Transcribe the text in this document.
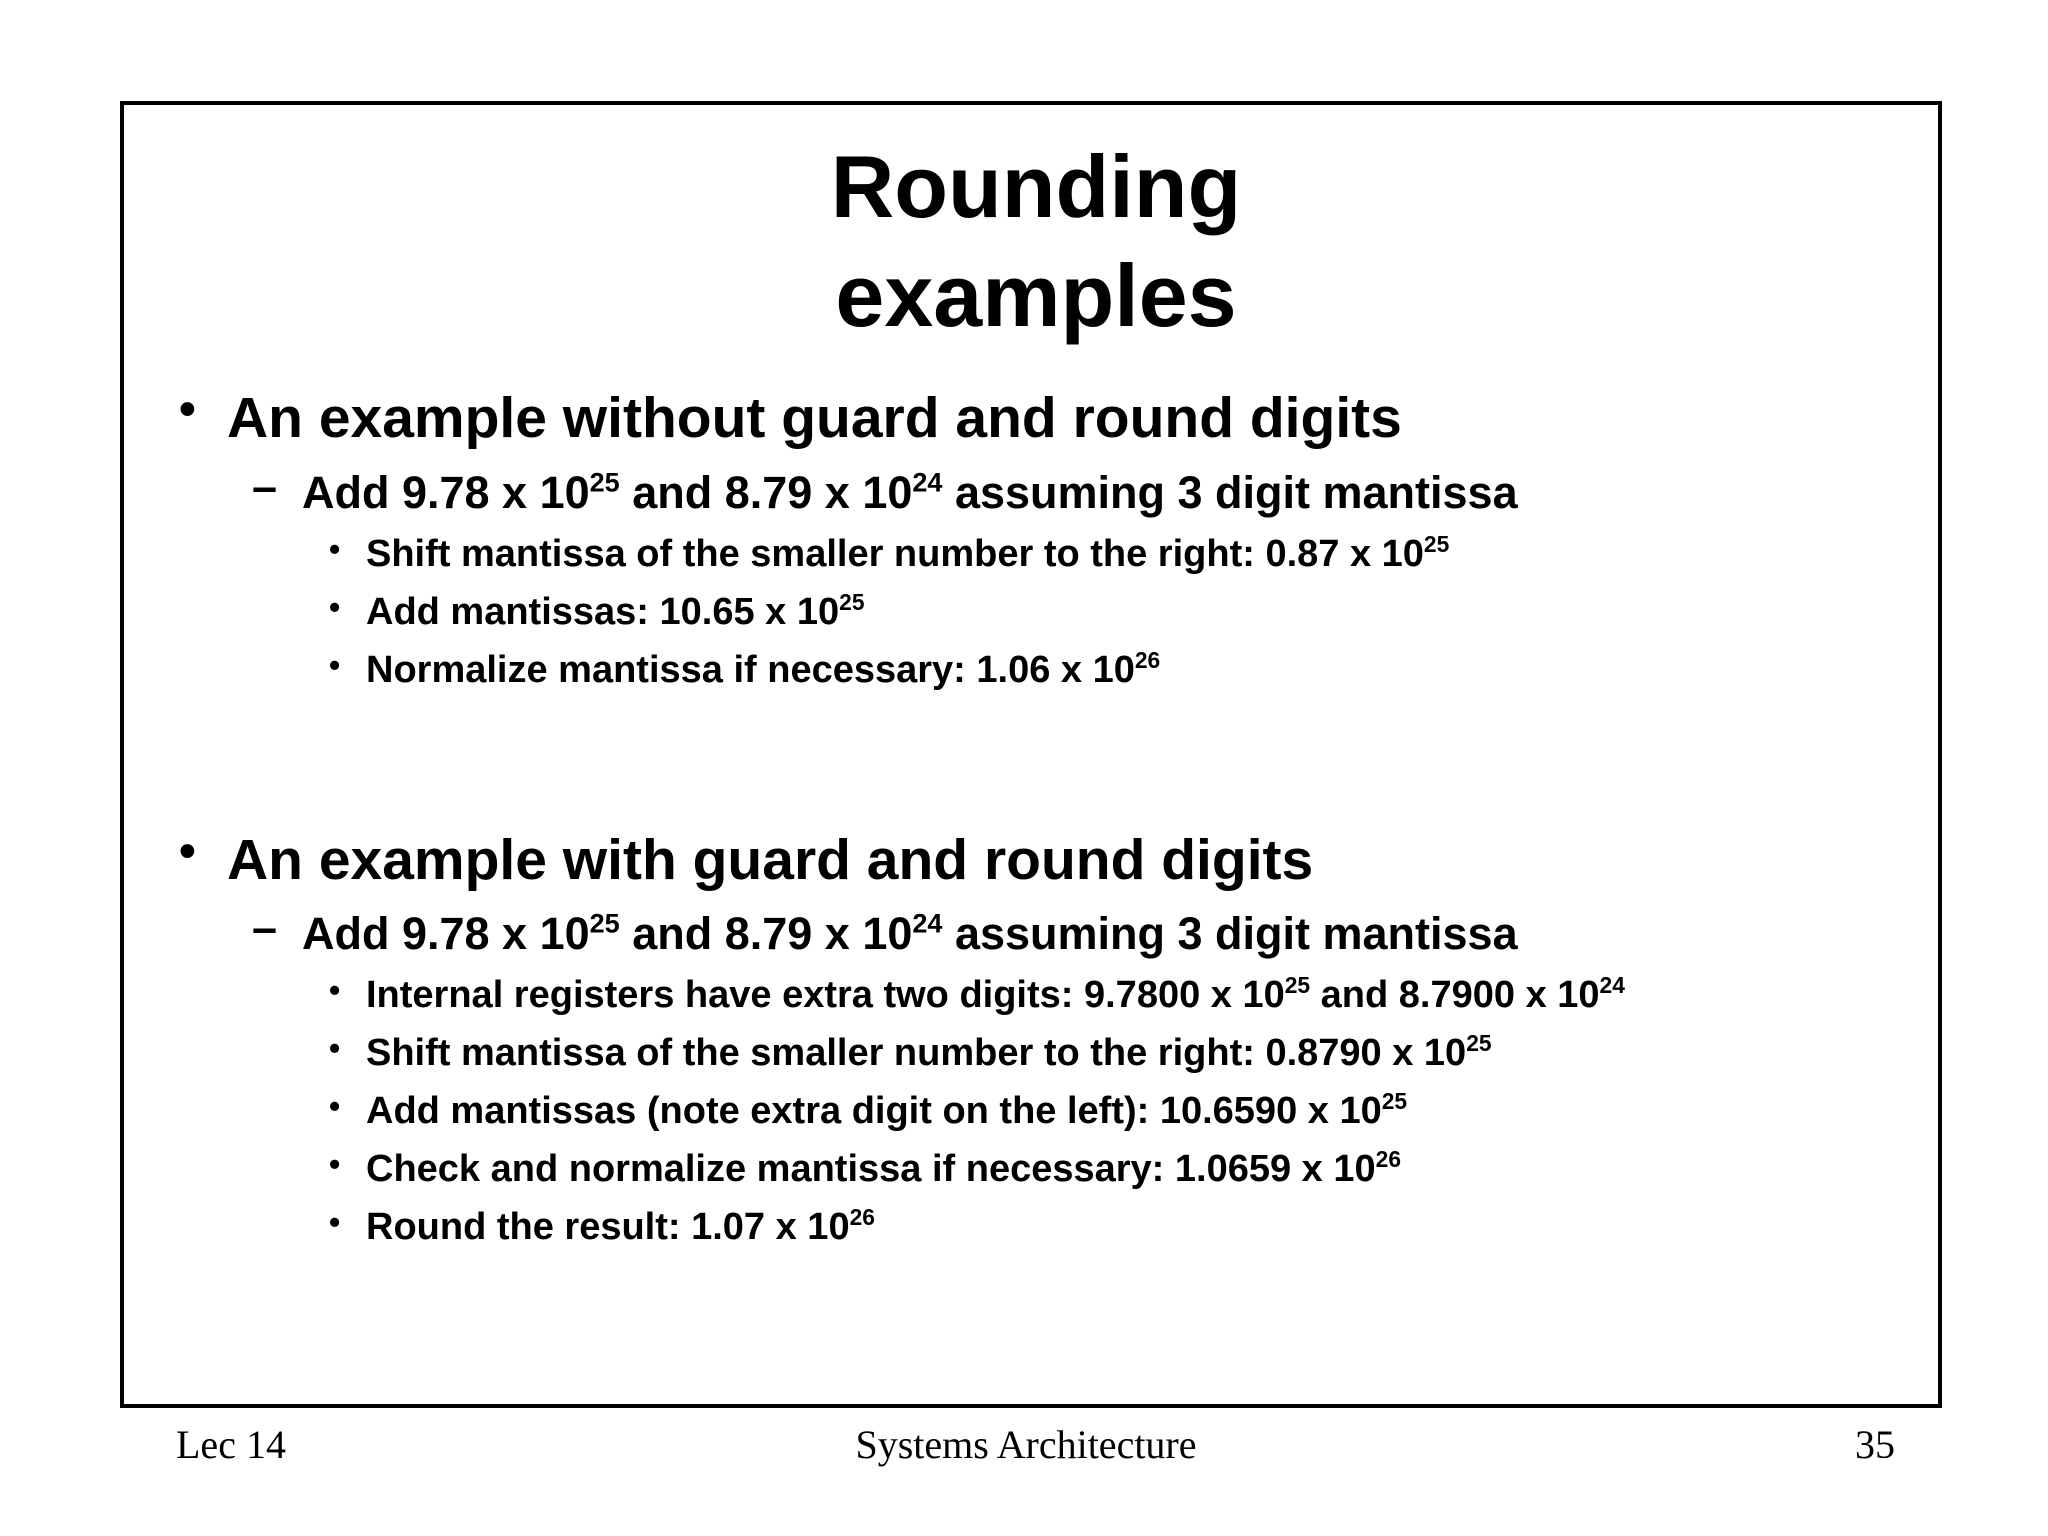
Rounding
examples
• An example without guard and round digits
– Add 9.78 x $10^{25}$ and 8.79 x $10^{24}$ assuming 3 digit mantissa
• Shift mantissa of the smaller number to the right: 0.87 x $10^{25}$
• Add mantissas: 10.65 x $10^{25}$
• Normalize mantissa if necessary: 1.06 x $10^{26}$
• An example with guard and round digits
– Add 9.78 x $10^{25}$ and 8.79 x $10^{24}$ assuming 3 digit mantissa
• Internal registers have extra two digits: 9.7800 x $10^{25}$ and 8.7900 x $10^{24}$
• Shift mantissa of the smaller number to the right: 0.8790 x $10^{25}$
• Add mantissas (note extra digit on the left): 10.6590 x $10^{25}$
• Check and normalize mantissa if necessary: 1.0659 x $10^{26}$
• Round the result: 1.07 x $10^{26}$
Lec 14	Systems Architecture	35
